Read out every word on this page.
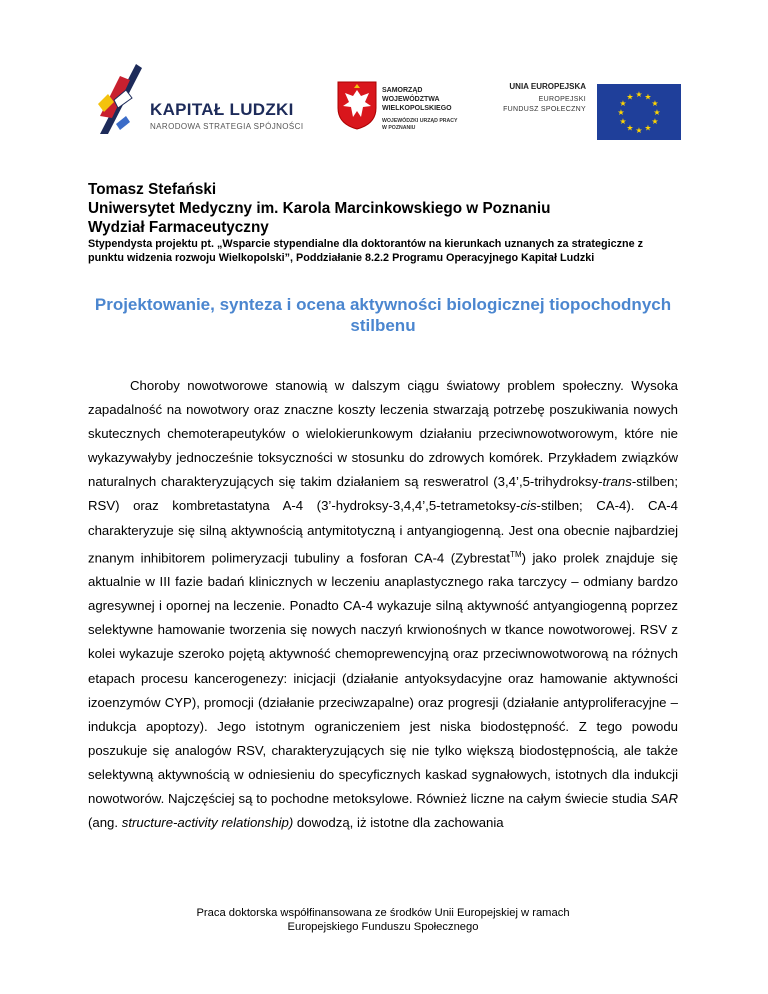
KAPITAŁ LUDZKI
NARODOWA STRATEGIA SPÓJNOŚCI
SAMORZĄD WOJEWÓDZTWA
WIELKOPOLSKIEGO
WOJEWÓDZKI URZĄD PRACY
W POZNANIU
UNIA EUROPEJSKA
EUROPEJSKI
FUNDUSZ SPOŁECZNY
★ ★
★
★
★
★
★
★
★
★
★
★
Tomasz Stefański
Uniwersytet Medyczny im. Karola Marcinkowskiego w Poznaniu
Wydział Farmaceutyczny
Stypendysta projektu pt. „Wsparcie stypendialne dla doktorantów na kierunkach uznanych za strategiczne z punktu widzenia rozwoju Wielkopolski”, Poddziałanie 8.2.2 Programu Operacyjnego Kapitał Ludzki
Projektowanie, synteza i ocena aktywności biologicznej tiopochodnych stilbenu

Choroby nowotworowe stanowią w dalszym ciągu światowy problem społeczny. Wysoka zapadalność na nowotwory oraz znaczne koszty leczenia stwarzają potrzebę poszukiwania nowych skutecznych chemoterapeutyków o wielokierunkowym działaniu przeciwnowotworowym, które nie wykazywałyby jednocześnie toksyczności w stosunku do zdrowych komórek. Przykładem związków naturalnych charakteryzujących się takim działaniem są resweratrol (3,4’,5-trihydroksy-trans-stilben; RSV) oraz kombretastatyna A-4 (3’-hydroksy-3,4,4’,5-tetrametoksy-cis-stilben; CA-4). CA-4 charakteryzuje się silną aktywnością antymitotyczną i antyangiogenną. Jest ona obecnie najbardziej znanym inhibitorem polimeryzacji tubuliny a fosforan CA-4 (Zybrestat™) jako prolek znajduje się aktualnie w III fazie badań klinicznych w leczeniu anaplastycznego raka tarczycy – odmiany bardzo agresywnej i opornej na leczenie. Ponadto CA-4 wykazuje silną aktywność antyangiogenną poprzez selektywne hamowanie tworzenia się nowych naczyń krwionośnych w tkance nowotworowej. RSV z kolei wykazuje szeroko pojętą aktywność chemoprewencyjną oraz przeciwnowotworową na różnych etapach procesu kancerogenezy: inicjacji (działanie antyoksydacyjne oraz hamowanie aktywności izoenzymów CYP), promocji (działanie przeciwzapalne) oraz progresji (działanie antyproliferacyjne – indukcja apoptozy). Jego istotnym ograniczeniem jest niska biodostępność. Z tego powodu poszukuje się analogów RSV, charakteryzujących się nie tylko większą biodostępnością, ale także selektywną aktywnością w odniesieniu do specyficznych kaskad sygnałowych, istotnych dla indukcji nowotworów. Najczęściej są to pochodne metoksylowe. Również liczne na całym świecie studia SAR (ang. structure-activity relationship) dowodzą, iż istotne dla zachowania

Praca doktorska współfinansowana ze środków Unii Europejskiej w ramach
Europejskiego Funduszu Społecznego
